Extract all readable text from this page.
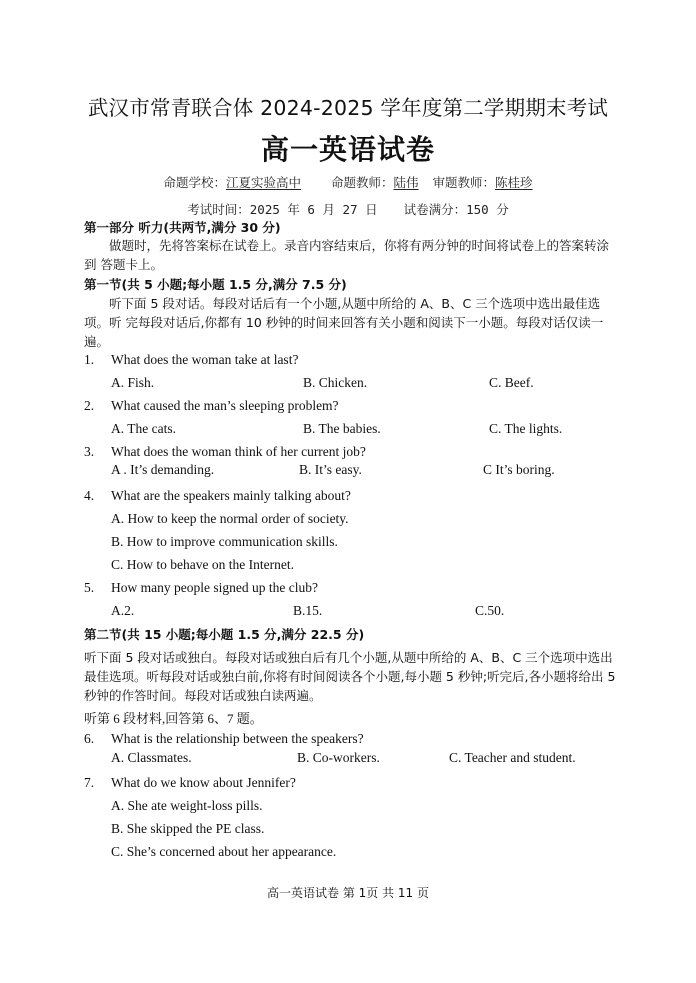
武汉市常青联合体 2024-2025 学年度第二学期期末考试
高一英语试卷
命题学校：江夏实验高中 命题教师：陆伟 审题教师：陈桂珍
考试时间：2025 年 6 月 27 日 试卷满分：150 分
第一部分 听力(共两节,满分 30 分)
做题时，先将答案标在试卷上。录音内容结束后，你将有两分钟的时间将试卷上的答案转涂到 答题卡上。
第一节(共 5 小题;每小题 1.5 分,满分 7.5 分)
听下面 5 段对话。每段对话后有一个小题,从题中所给的 A、B、C 三个选项中选出最佳选项。听 完每段对话后,你都有 10 秒钟的时间来回答有关小题和阅读下一小题。每段对话仅读一遍。
1. What does the woman take at last?
A. Fish.	B. Chicken.	C. Beef.
2. What caused the man’s sleeping problem?
A. The cats.	B. The babies.	C. The lights.
3. What does the woman think of her current job?
A . It’s demanding.	B. It’s easy.	C It’s boring.
4. What are the speakers mainly talking about?
A. How to keep the normal order of society.
B. How to improve communication skills.
C. How to behave on the Internet.
5. How many people signed up the club?
A.2.	B.15.	C.50.
第二节(共 15 小题;每小题 1.5 分,满分 22.5 分)
听下面 5 段对话或独白。每段对话或独白后有几个小题,从题中所给的 A、B、C 三个选项中选出最佳选项。听每段对话或独白前,你将有时间阅读各个小题,每小题 5 秒钟;听完后,各小题将给出 5 秒钟的作答时间。每段对话或独白读两遍。
听第 6 段材料,回答第 6、7 题。
6. What is the relationship between the speakers?
A. Classmates.	B. Co-workers.	C. Teacher and student.
7. What do we know about Jennifer?
A. She ate weight-loss pills.
B. She skipped the PE class.
C. She’s concerned about her appearance.
高一英语试卷 第 1页 共 11 页
